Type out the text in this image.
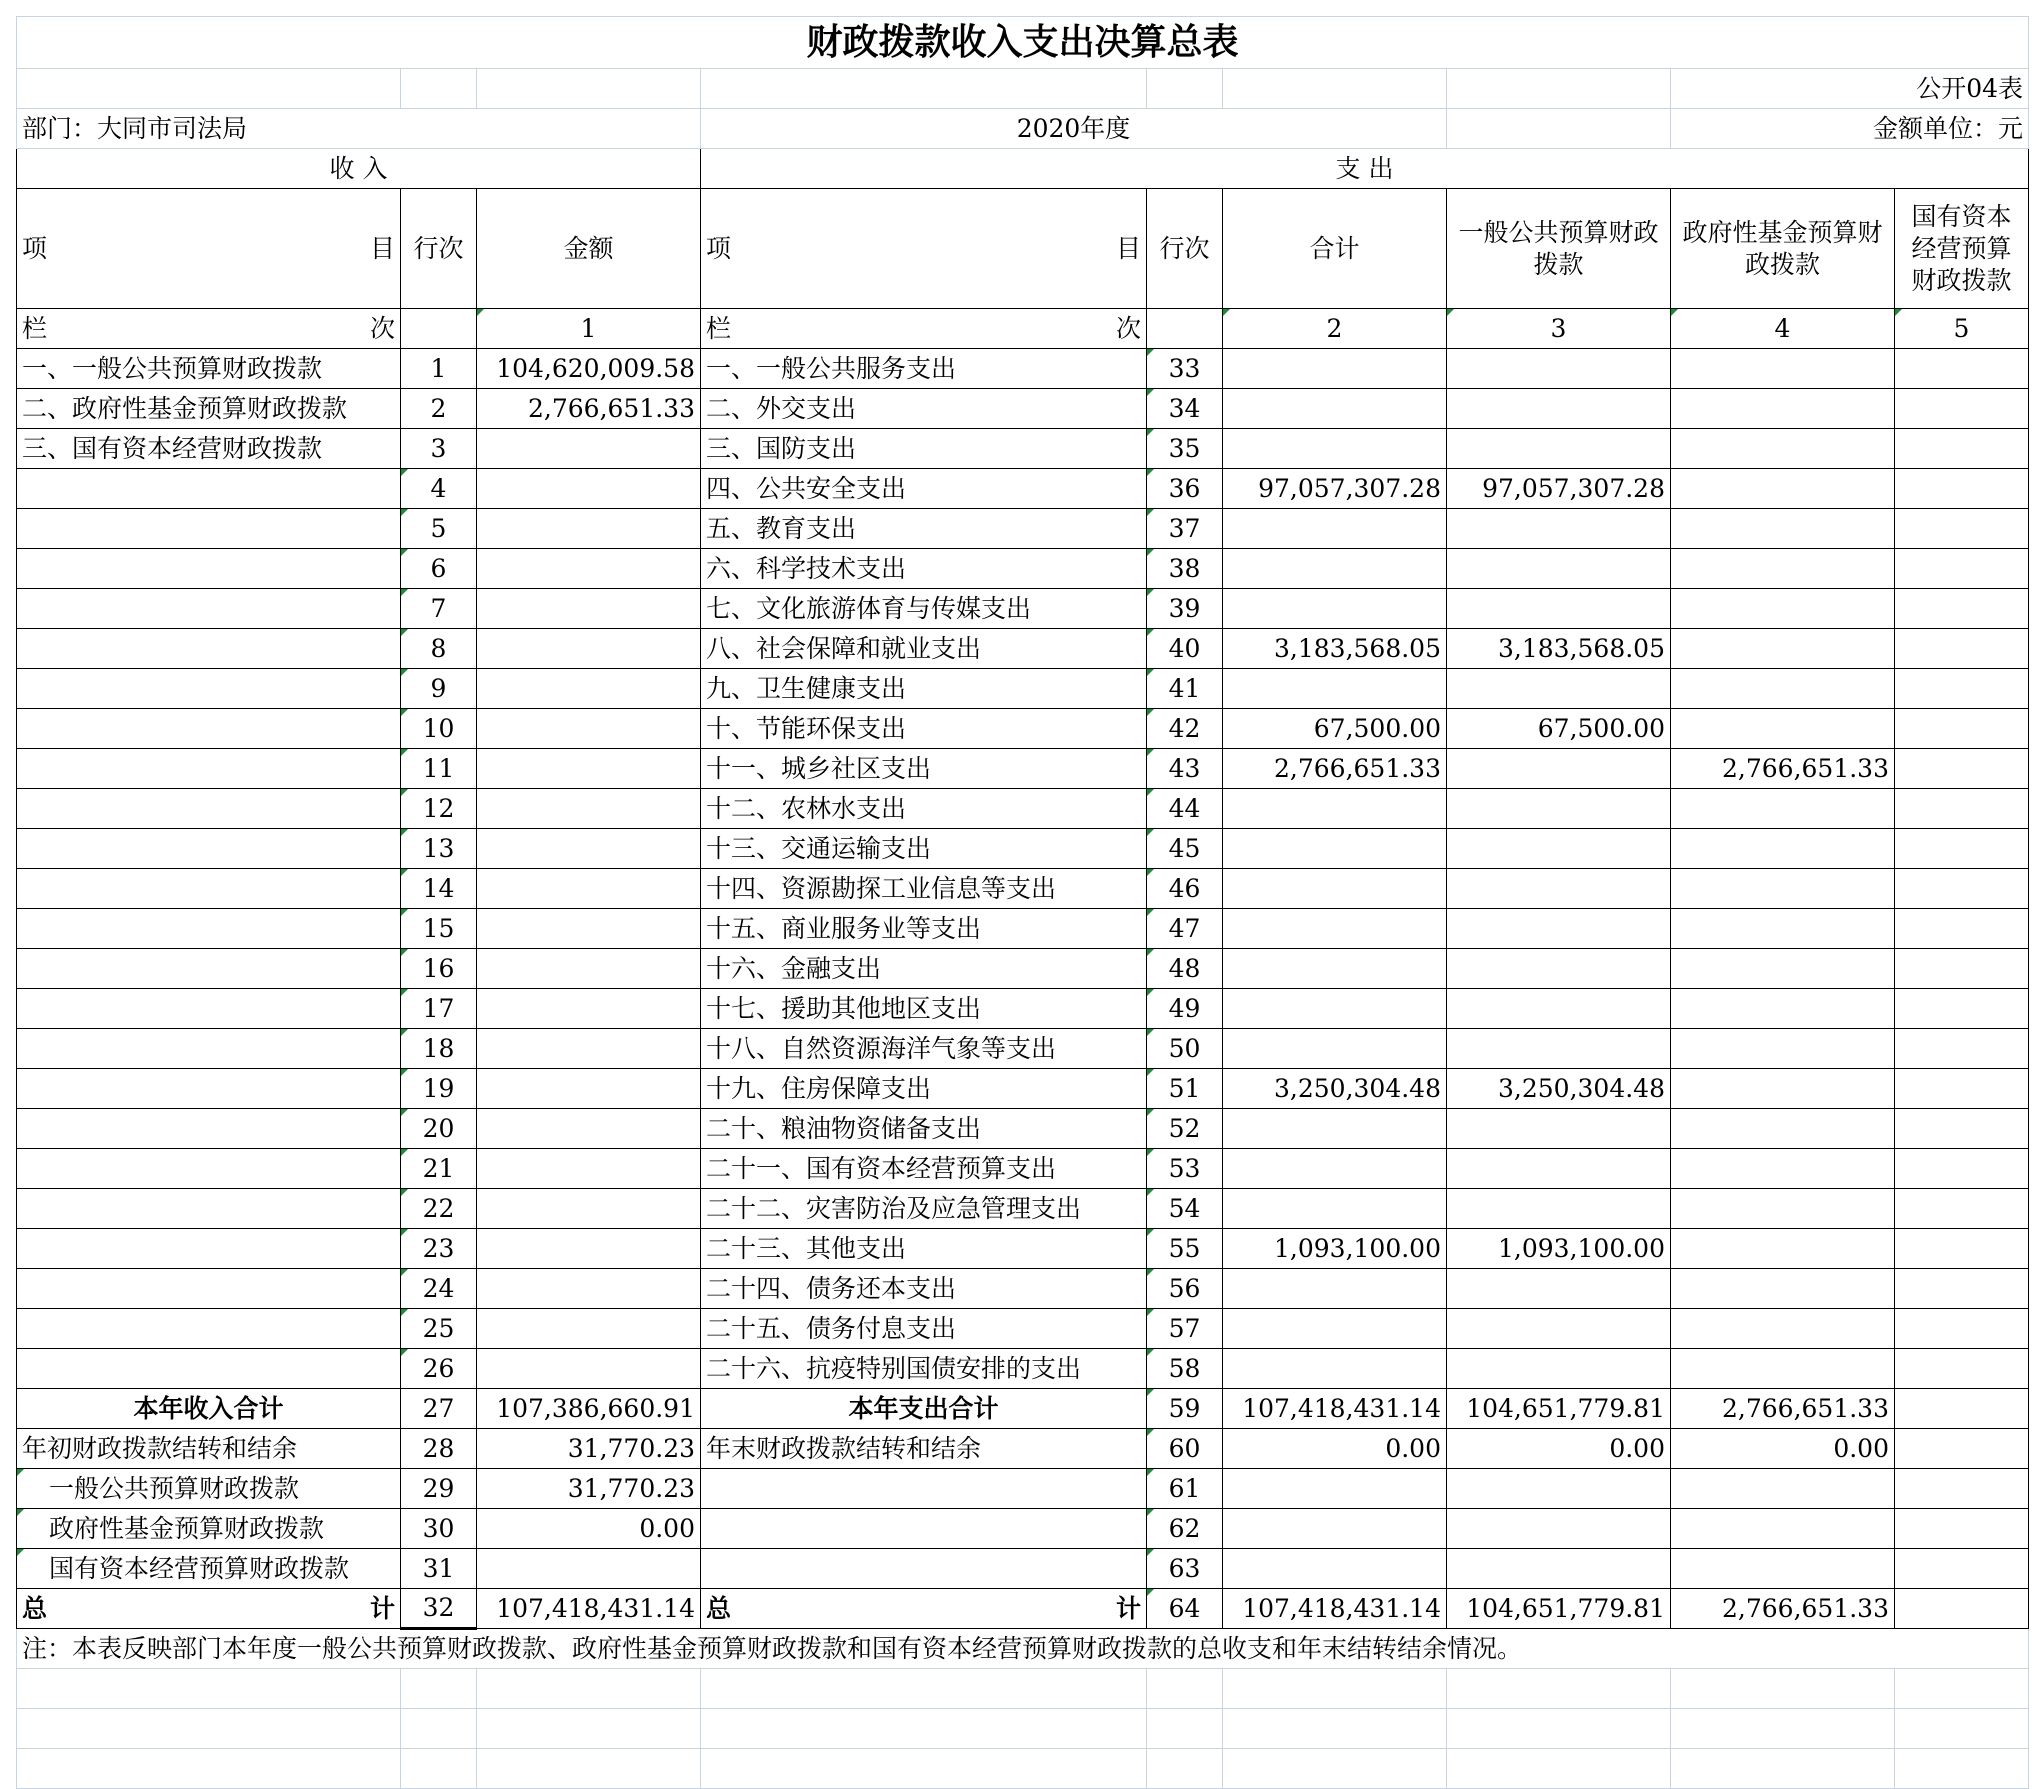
财政拨款收入支出决算总表								
							公开04表	
部门：大同市司法局			2020年度				金额单位：元	
收 入			支 出					

项 目	行次	金额	项 目	行次	合计	一般公共预算财政拨款	政府性基金预算财政拨款	国有资本经营预算财政拨款

栏 次		1	栏 次		2	3	4	5
一、一般公共预算财政拨款	1	104,620,009.58	一、一般公共服务支出	33				
二、政府性基金预算财政拨款	2	2,766,651.33	二、外交支出	34				
三、国有资本经营财政拨款	3		三、国防支出	35				
	4		四、公共安全支出	36	97,057,307.28	97,057,307.28		
	5		五、教育支出	37				
	6		六、科学技术支出	38				
	7		七、文化旅游体育与传媒支出	39				
	8		八、社会保障和就业支出	40	3,183,568.05	3,183,568.05		
	9		九、卫生健康支出	41				
	10		十、节能环保支出	42	67,500.00	67,500.00		
	11		十一、城乡社区支出	43	2,766,651.33		2,766,651.33	
	12		十二、农林水支出	44				
	13		十三、交通运输支出	45				
	14		十四、资源勘探工业信息等支出	46				
	15		十五、商业服务业等支出	47				
	16		十六、金融支出	48				
	17		十七、援助其他地区支出	49				
	18		十八、自然资源海洋气象等支出	50				
	19		十九、住房保障支出	51	3,250,304.48	3,250,304.48		
	20		二十、粮油物资储备支出	52				
	21		二十一、国有资本经营预算支出	53				
	22		二十二、灾害防治及应急管理支出	54				
	23		二十三、其他支出	55	1,093,100.00	1,093,100.00		
	24		二十四、债务还本支出	56				
	25		二十五、债务付息支出	57				
	26		二十六、抗疫特别国债安排的支出	58				
本年收入合计	27	107,386,660.91	本年支出合计	59	107,418,431.14	104,651,779.81	2,766,651.33	
年初财政拨款结转和结余	28	31,770.23	年末财政拨款结转和结余	60	0.00	0.00	0.00	
一般公共预算财政拨款	29	31,770.23		61				
政府性基金预算财政拨款	30	0.00		62				
国有资本经营预算财政拨款	31			63				

总 计	32	107,418,431.14	总 计	64	107,418,431.14	104,651,779.81	2,766,651.33	
注：本表反映部门本年度一般公共预算财政拨款、政府性基金预算财政拨款和国有资本经营预算财政拨款的总收支和年末结转结余情况。								
